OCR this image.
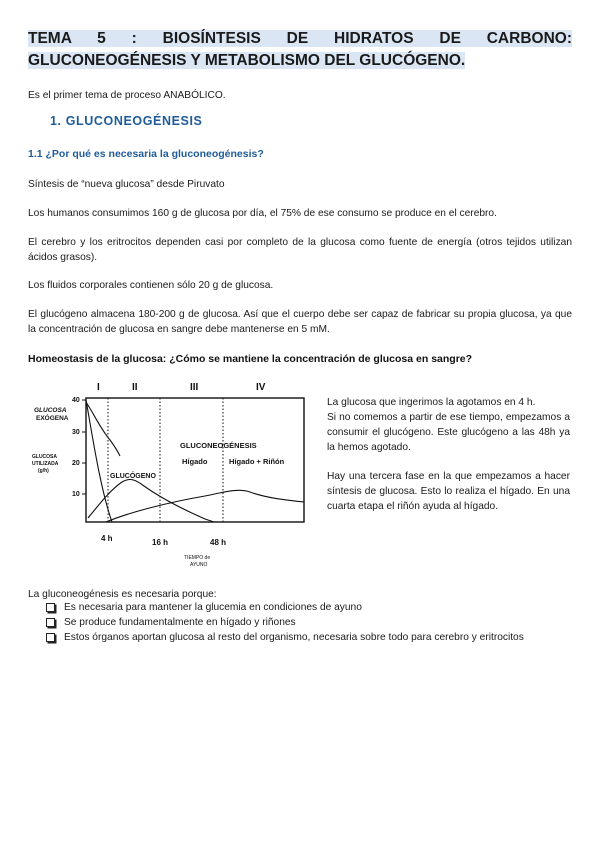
TEMA 5 : BIOSÍNTESIS DE HIDRATOS DE CARBONO:
GLUCONEOGÉNESIS Y METABOLISMO DEL GLUCÓGENO.
Es el primer tema de proceso ANABÓLICO.
1. GLUCONEOGÉNESIS
1.1 ¿Por qué es necesaria la gluconeogénesis?
Síntesis de “nueva glucosa” desde Piruvato
Los humanos consumimos 160 g de glucosa por día, el 75% de ese consumo se produce en el cerebro.
El cerebro y los eritrocitos dependen casi por completo de la glucosa como fuente de energía (otros tejidos utilizan ácidos grasos).
Los fluidos corporales contienen sólo 20 g de glucosa.
El glucógeno almacena 180-200 g de glucosa. Así que el cuerpo debe ser capaz de fabricar su propia glucosa, ya que la concentración de glucosa en sangre debe mantenerse en 5 mM.
Homeostasis de la glucosa: ¿Cómo se mantiene la concentración de glucosa en sangre?
I	II	III	IV
40
30
20
10
GLUCOSA
UTILIZADA
(g/h)
GLUCOSA
EXÓGENA
GLUCÓGENO
GLUCONEOGÉNESIS
Hígado	Hígado + Riñón
4 h	16 h	48 h
TIEMPO de
AYUNO
La glucosa que ingerimos la agotamos en 4 h.
Si no comemos a partir de ese tiempo, empezamos a consumir el glucógeno. Este glucógeno a las 48h ya la hemos agotado.
Hay una tercera fase en la que empezamos a hacer síntesis de glucosa. Esto lo realiza el hígado. En una cuarta etapa el riñón ayuda al hígado.
La gluconeogénesis es necesaria porque:
Es necesaria para mantener la glucemia en condiciones de ayuno
Se produce fundamentalmente en hígado y riñones
Estos órganos aportan glucosa al resto del organismo, necesaria sobre todo para cerebro y eritrocitos
